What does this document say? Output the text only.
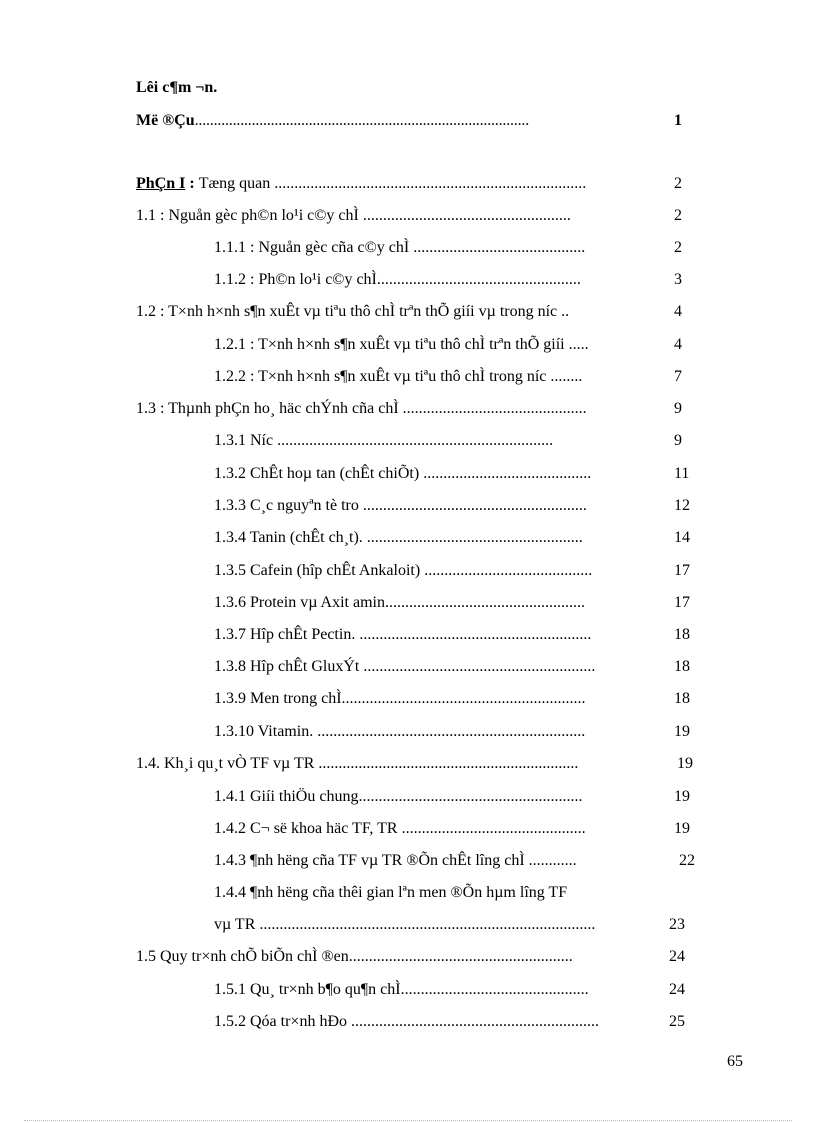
Lêi c¶m ¬n.
Më ®Çu........................................................................................	1
PhÇn I : Tæng quan ..............................................................................	2
1.1 : Nguån gèc ph©n lo¹i c©y chÌ ....................................................	2
1.1.1 : Nguån gèc cña c©y chÌ ...........................................	2
1.1.2 : Ph©n lo¹i c©y chÌ...................................................	3
1.2 : T×nh h×nh s¶n xuÊt vµ tiªu thô chÌ trªn thÕ giíi vµ trong níc ..	4
1.2.1 : T×nh h×nh s¶n xuÊt vµ tiªu thô chÌ trªn thÕ giíi .....	4
1.2.2 : T×nh h×nh s¶n xuÊt vµ tiªu thô chÌ trong níc ........	7
1.3 : Thµnh phÇn ho¸ häc chÝnh cña chÌ ..............................................	9
1.3.1 Níc .....................................................................	9
1.3.2 ChÊt hoµ tan (chÊt chiÕt) ..........................................	11
1.3.3 C¸c nguyªn tè tro ........................................................	12
1.3.4 Tanin (chÊt ch¸t). ......................................................	14
1.3.5 Cafein (hîp chÊt Ankaloit) ..........................................	17
1.3.6 Protein vµ Axit amin..................................................	17
1.3.7 Hîp chÊt Pectin. ..........................................................	18
1.3.8 Hîp chÊt GluxÝt ..........................................................	18
1.3.9 Men trong chÌ.............................................................	18
1.3.10 Vitamin. ...................................................................	19
1.4. Kh¸i qu¸t vÒ TF vµ TR .................................................................	19
1.4.1 Giíi thiÖu chung........................................................	19
1.4.2 C¬ së khoa häc TF, TR ..............................................	19
1.4.3 ¶nh hëng cña TF vµ TR ®Õn chÊt lîng chÌ ............	22
1.4.4 ¶nh hëng cña thêi gian lªn men ®Õn hµm lîng TF
vµ TR ....................................................................................	23
1.5 Quy tr×nh chÕ biÕn chÌ ®en........................................................	24
1.5.1 Qu¸ tr×nh b¶o qu¶n chÌ...............................................	24
1.5.2 Qóa tr×nh hÐo ..............................................................	25
65
